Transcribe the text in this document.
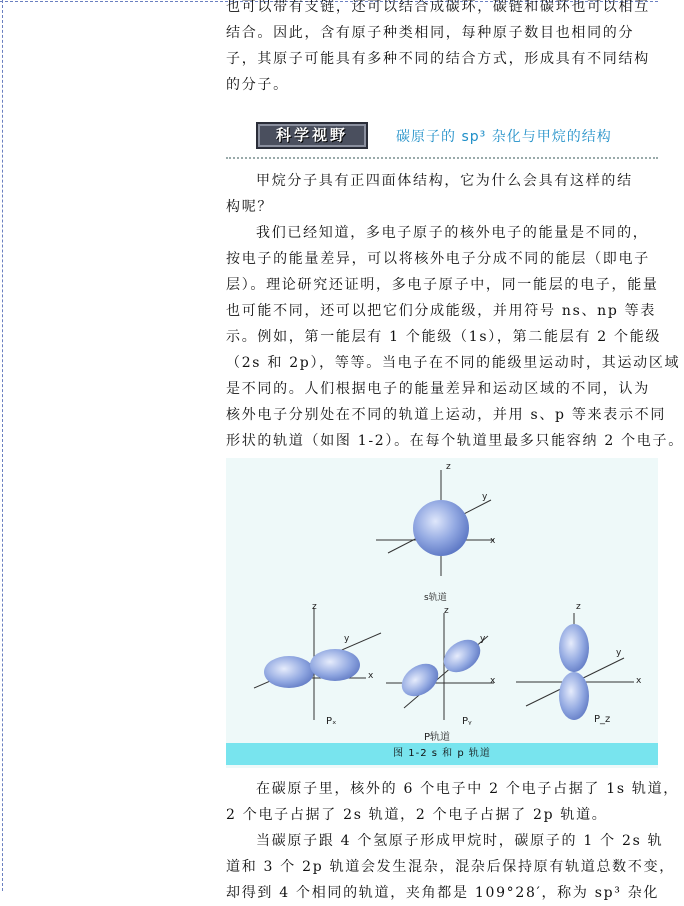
也可以带有支链，还可以结合成碳环，碳链和碳环也可以相互
结合。因此，含有原子种类相同，每种原子数目也相同的分
子，其原子可能具有多种不同的结合方式，形成具有不同结构
的分子。
科学视野	碳原子的 sp³ 杂化与甲烷的结构
甲烷分子具有正四面体结构，它为什么会具有这样的结
构呢？
我们已经知道，多电子原子的核外电子的能量是不同的，
按电子的能量差异，可以将核外电子分成不同的能层（即电子
层）。理论研究还证明，多电子原子中，同一能层的电子，能量
也可能不同，还可以把它们分成能级，并用符号 ns、np 等表
示。例如，第一能层有 1 个能级（1s），第二能层有 2 个能级
（2s 和 2p），等等。当电子在不同的能级里运动时，其运动区域
是不同的。人们根据电子的能量差异和运动区域的不同，认为
核外电子分别处在不同的轨道上运动，并用 s、p 等来表示不同
形状的轨道（如图 1-2）。在每个轨道里最多只能容纳 2 个电子。
z
y
x
s轨道
z
y
x
z
y
x
z
y
x
Pₓ	Pᵧ	P_z
P轨道
图 1-2 s 和 p 轨道
在碳原子里，核外的 6 个电子中 2 个电子占据了 1s 轨道，
2 个电子占据了 2s 轨道，2 个电子占据了 2p 轨道。
当碳原子跟 4 个氢原子形成甲烷时，碳原子的 1 个 2s 轨
道和 3 个 2p 轨道会发生混杂，混杂后保持原有轨道总数不变，
却得到 4 个相同的轨道，夹角都是 109°28′，称为 sp³ 杂化
